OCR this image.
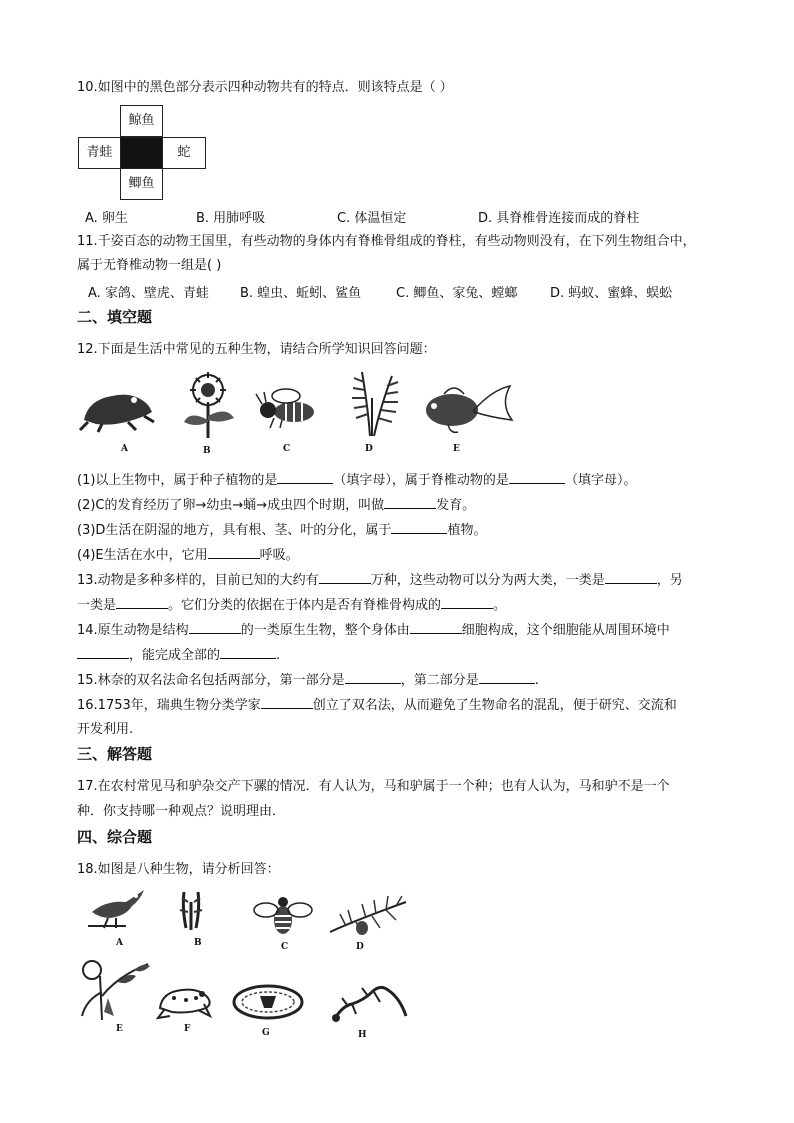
10.如图中的黑色部分表示四种动物共有的特点．则该特点是（ ）
鲸鱼
青蛙	蛇
鲫鱼
A. 卵生	B. 用肺呼吸	C. 体温恒定	D. 具脊椎骨连接而成的脊柱
11.千姿百态的动物王国里，有些动物的身体内有脊椎骨组成的脊柱，有些动物则没有，在下列生物组合中，
属于无脊椎动物一组是( )
A. 家鸽、壁虎、青蛙 B. 蝗虫、蚯蚓、鲨鱼	C. 鲫鱼、家兔、螳螂	D. 蚂蚁、蜜蜂、蜈蚣
二、填空题
12.下面是生活中常见的五种生物，请结合所学知识回答问题：
A	B	C	D	E
(1)以上生物中，属于种子植物的是	（填字母），属于脊椎动物的是	（填字母）。
(2)C的发育经历了卵→幼虫→蛹→成虫四个时期，叫做	发育。
(3)D生活在阴湿的地方，具有根、茎、叶的分化，属于	植物。
(4)E生活在水中，它用	呼吸。
13.动物是多种多样的，目前已知的大约有	万种，这些动物可以分为两大类，一类是	，另
一类是	。它们分类的依据在于体内是否有脊椎骨构成的	。
14.原生动物是结构	的一类原生生物，整个身体由	细胞构成，这个细胞能从周围环境中
，能完成全部的	.
15.林奈的双名法命名包括两部分，第一部分是	，第二部分是	.
16.1753年，瑞典生物分类学家	创立了双名法，从而避免了生物命名的混乱，便于研究、交流和
开发利用.
三、解答题
17.在农村常见马和驴杂交产下骡的情况．有人认为，马和驴属于一个种；也有人认为，马和驴不是一个
种．你支持哪一种观点？说明理由．
四、综合题
18.如图是八种生物，请分析回答：
A	B	C	D
E	F	G	H
